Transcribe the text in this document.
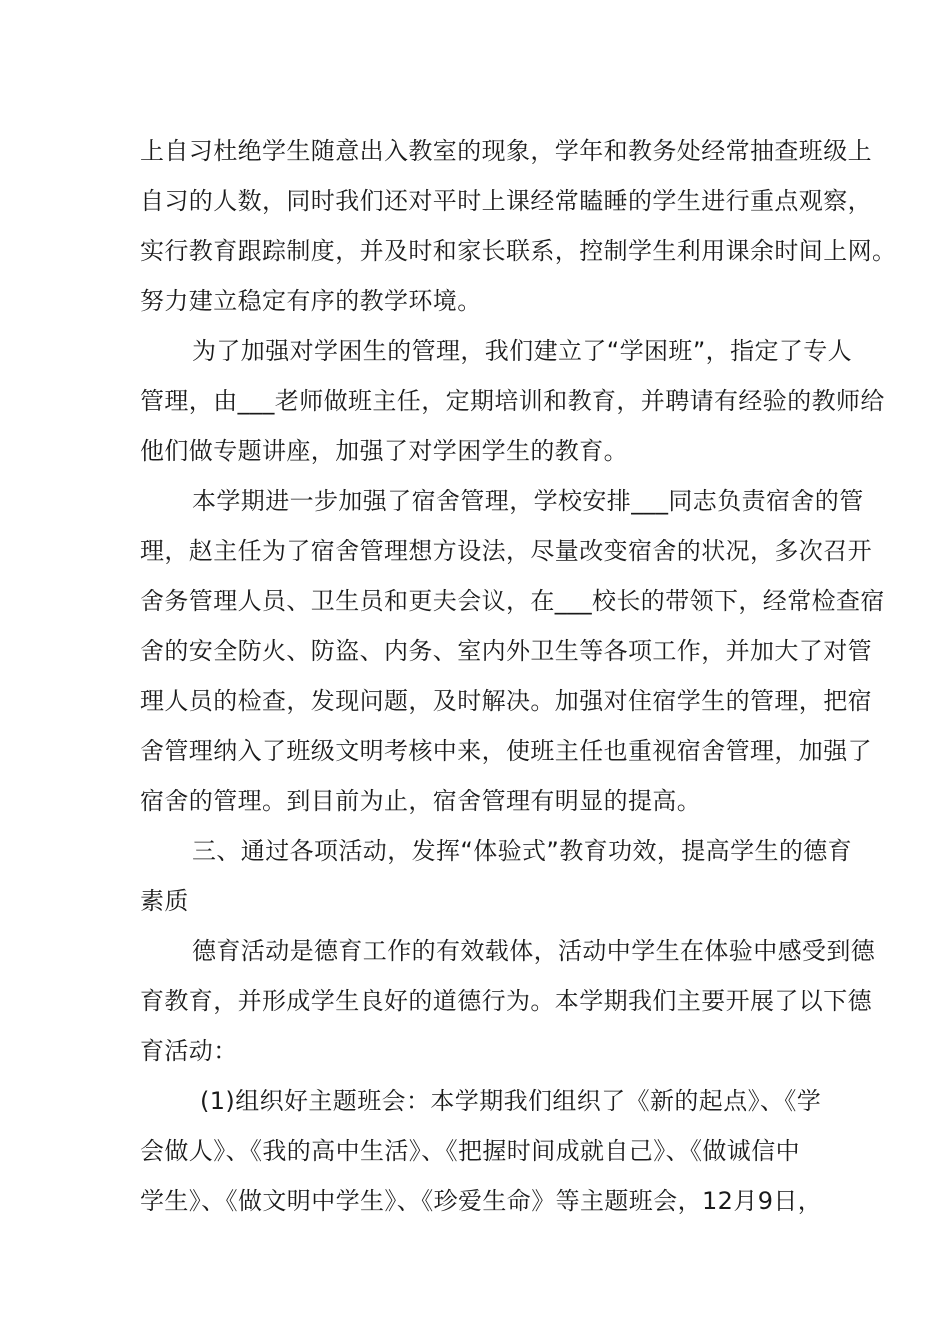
上自习杜绝学生随意出入教室的现象，学年和教务处经常抽查班级上
自习的人数，同时我们还对平时上课经常瞌睡的学生进行重点观察，
实行教育跟踪制度，并及时和家长联系，控制学生利用课余时间上网。
努力建立稳定有序的教学环境。
为了加强对学困生的管理，我们建立了“学困班”，指定了专人
管理，由___老师做班主任，定期培训和教育，并聘请有经验的教师给
他们做专题讲座，加强了对学困学生的教育。
本学期进一步加强了宿舍管理，学校安排___同志负责宿舍的管
理，赵主任为了宿舍管理想方设法，尽量改变宿舍的状况，多次召开
舍务管理人员、卫生员和更夫会议，在___校长的带领下，经常检查宿
舍的安全防火、防盗、内务、室内外卫生等各项工作，并加大了对管
理人员的检查，发现问题，及时解决。加强对住宿学生的管理，把宿
舍管理纳入了班级文明考核中来，使班主任也重视宿舍管理，加强了
宿舍的管理。到目前为止，宿舍管理有明显的提高。
三、通过各项活动，发挥“体验式”教育功效，提高学生的德育
素质
德育活动是德育工作的有效载体，活动中学生在体验中感受到德
育教育，并形成学生良好的道德行为。本学期我们主要开展了以下德
育活动：
(1)组织好主题班会：本学期我们组织了《新的起点》、《学
会做人》、《我的高中生活》、《把握时间成就自己》、《做诚信中
学生》、《做文明中学生》、《珍爱生命》等主题班会，12月9日，
